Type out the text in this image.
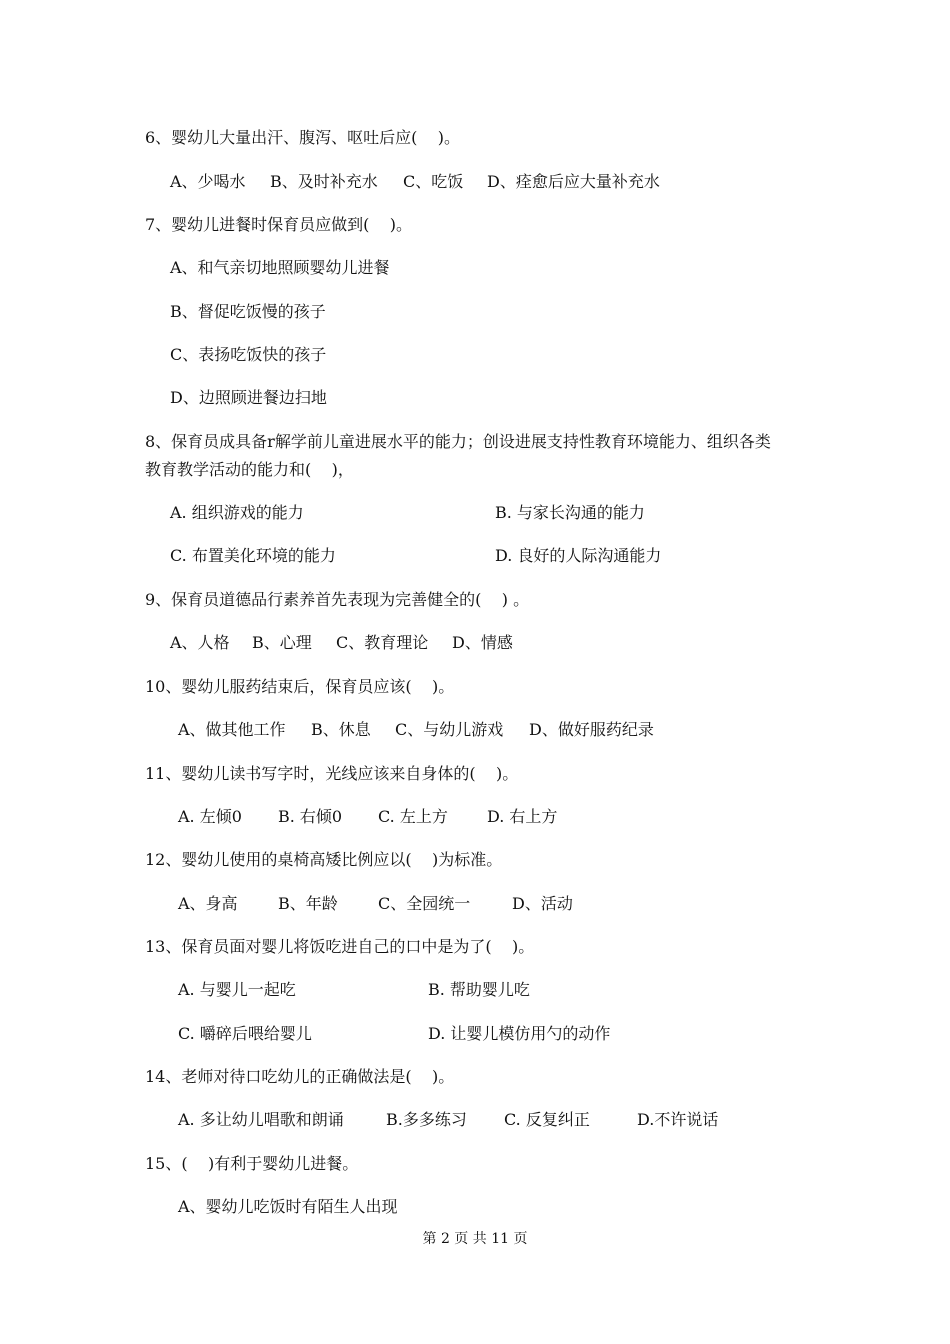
6、婴幼儿大量出汗、腹泻、呕吐后应(    )。
A、少喝水 B、及时补充水 C、吃饭 D、痊愈后应大量补充水
7、婴幼儿进餐时保育员应做到(    )。
A、和气亲切地照顾婴幼儿进餐
B、督促吃饭慢的孩子
C、表扬吃饭快的孩子
D、边照顾进餐边扫地
8、保育员成具备r解学前儿童进展水平的能力；创设进展支持性教育环境能力、组织各类
教育教学活动的能力和(    )，
A. 组织游戏的能力	B. 与家长沟通的能力
C. 布置美化环境的能力	D. 良好的人际沟通能力
9、保育员道德品行素养首先表现为完善健全的(    ) 。
A、人格 B、心理 C、教育理论 D、情感
10、婴幼儿服药结束后，保育员应该(    )。
A、做其他工作 B、休息 C、与幼儿游戏 D、做好服药纪录
11、婴幼儿读书写字时，光线应该来自身体的(    )。
A. 左倾0 B. 右倾0 C. 左上方 D. 右上方
12、婴幼儿使用的桌椅高矮比例应以(    )为标准。
A、身高	B、年龄	C、全园统一	D、活动
13、保育员面对婴儿将饭吃进自己的口中是为了(    )。
A. 与婴儿一起吃	B. 帮助婴儿吃
C. 嚼碎后喂给婴儿	D. 让婴儿模仿用勺的动作
14、老师对待口吃幼儿的正确做法是(    )。
A. 多让幼儿唱歌和朗诵	B.多多练习 C. 反复纠正	D.不许说话
15、(    )有利于婴幼儿进餐。
A、婴幼儿吃饭时有陌生人出现
第 2 页 共 11 页
